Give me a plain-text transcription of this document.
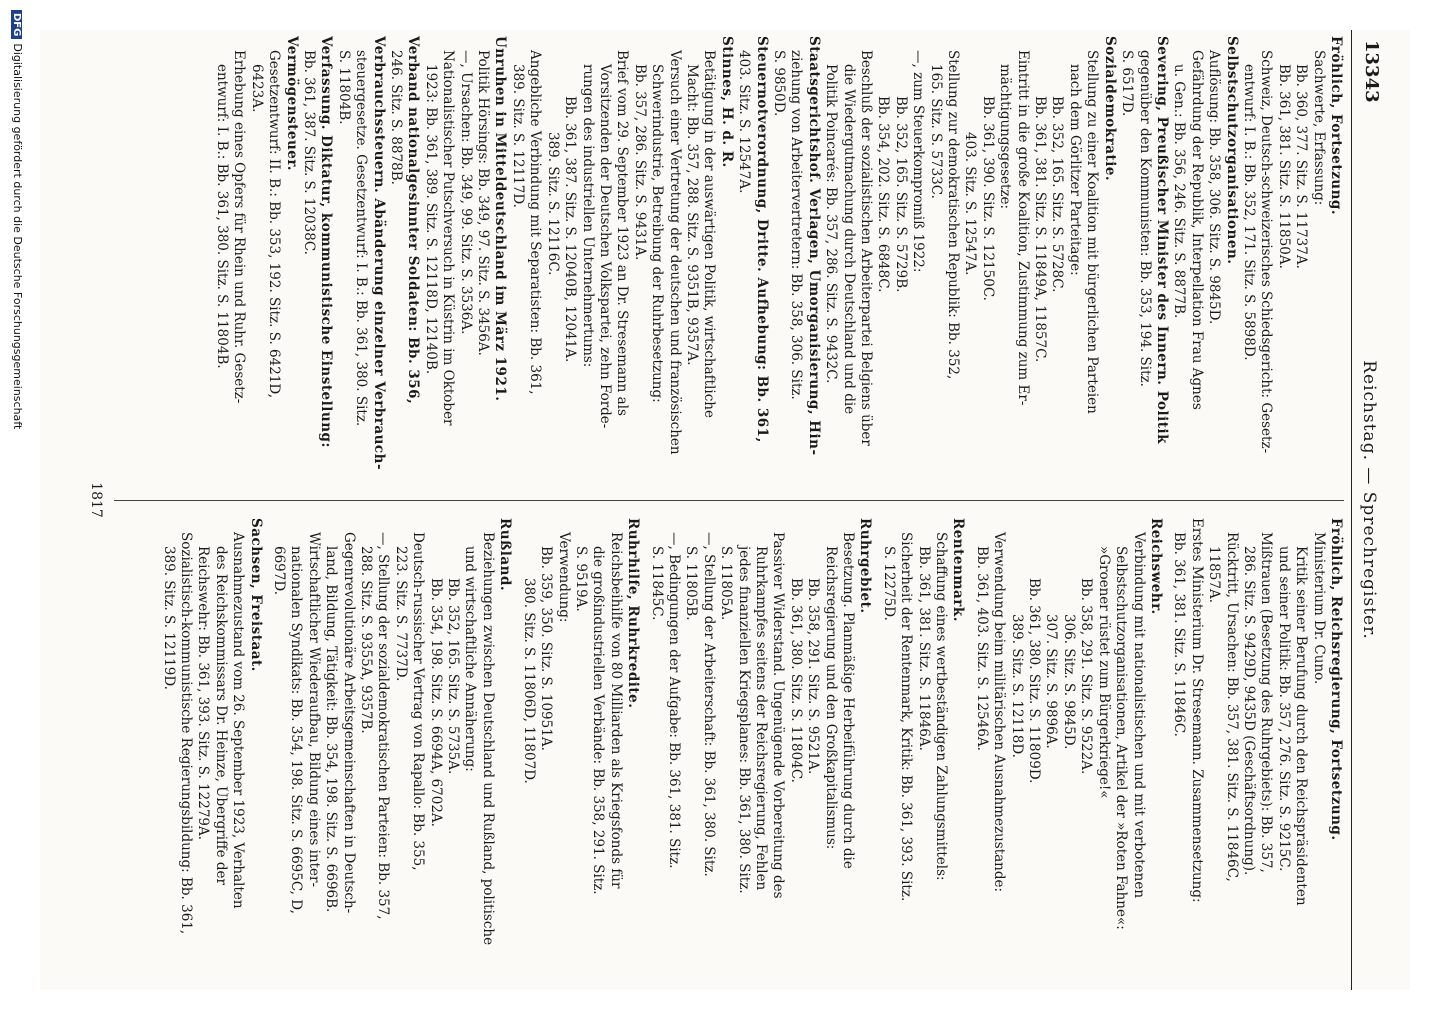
13343
Reichstag. — Sprechregister.
Fröhlich, Reichsregierung, Fortsetzung.
Ministerium Dr. Cuno.
Kritik seiner Berufung durch den Reichspräsidenten
und seiner Politik: Bb. 357, 276. Sitz. S. 9215C.
Mißtrauen (Besetzung des Ruhrgebiets): Bb. 357,
286. Sitz. S. 9429D, 9435D (Geschäftsordnung).
Rücktritt, Ursachen: Bb. 357, 381. Sitz. S. 11846C,
11857A.
Erstes Ministerium Dr. Stresemann. Zusammensetzung:
Bb. 361, 381. Sitz. S. 11846C.
Reichswehr.
Verbindung mit nationalistischen und mit verbotenen
Selbstschutzorganisationen, Artikel der »Roten Fahne«:
»Groener rüstet zum Bürgerkriege!«
Bb. 358, 291. Sitz. S. 9522A.
306. Sitz. S. 9845D.
307. Sitz. S. 9896A.
Bb. 361, 380. Sitz. S. 11809D.
389. Sitz. S. 12118D.
Verwendung beim militärischen Ausnahmezustande:
Bb. 361, 403. Sitz. S. 12546A.
Rentenmark.
Schaffung eines wertbeständigen Zahlungsmittels:
Bb. 361, 381. Sitz. S. 11846A.
Sicherheit der Rentenmark, Kritik: Bb. 361, 393. Sitz.
S. 12275D.
Ruhrgebiet.
Besetzung. Planmäßige Herbeiführung durch die
Reichsregierung und den Großkapitalismus:
Bb. 358, 291. Sitz. S. 9521A.
Bb. 361, 380. Sitz. S. 11804C.
Passiver Widerstand. Ungenügende Vorbereitung des
Ruhrkampfes seitens der Reichsregierung, Fehlen
jedes finanziellen Kriegsplanes: Bb. 361, 380. Sitz.
S. 11805A.
—, Stellung der Arbeiterschaft: Bb. 361, 380. Sitz.
S. 11805B.
—, Bedingungen der Aufgabe: Bb. 361, 381. Sitz.
S. 11845C.
Ruhrhilfe, Ruhrkredite.
Reichsbeihilfe von 80 Milliarden als Kriegsfonds für
die großindustriellen Verbände: Bb. 358, 291. Sitz.
S. 9519A.
Verwendung:
Bb. 359, 350. Sitz. S. 10951A.
380. Sitz. S. 11806D, 11807D.
Rußland.
Beziehungen zwischen Deutschland und Rußland, politische
und wirtschaftliche Annäherung:
Bb. 352, 165. Sitz. S. 5735A.
Bb. 354, 198. Sitz. S. 6694A, 6702A.
Deutsch-russischer Vertrag von Rapallo: Bb. 355,
223. Sitz. S. 7737D.
—, Stellung der sozialdemokratischen Parteien: Bb. 357,
288. Sitz. S. 9355A, 9357B.
Gegenrevolutionäre Arbeitsgemeinschaften in Deutsch-
land, Bildung, Tätigkeit: Bb. 354, 198. Sitz. S. 6696B.
Wirtschaftlicher Wiederaufbau, Bildung eines inter-
nationalen Syndikats: Bb. 354, 198. Sitz. S. 6695C, D,
6697D.
Sachsen, Freistaat.
Ausnahmezustand vom 26. September 1923, Verhalten
des Reichskommissars Dr. Heinze, Übergriffe der
Reichswehr: Bb. 361, 393. Sitz. S. 12279A.
Sozialistisch-kommunistische Regierungsbildung: Bb. 361,
389. Sitz. S. 12119D.
Fröhlich, Fortsetzung.
Sachwerte, Erfassung:
Bb. 360, 377. Sitz. S. 11737A.
Bb. 361, 381. Sitz. S. 11850A.
Schweiz, Deutsch-schweizerisches Schiedsgericht: Gesetz-
entwurf: I. B.: Bb. 352, 171. Sitz. S. 5898D.
Selbstschutzorganisationen.
Auflösung: Bb. 358, 306. Sitz. S. 9845D.
Gefährdung der Republik, Interpellation Frau Agnes
u. Gen.: Bb. 356, 246. Sitz. S. 8877B.
Severing, Preußischer Minister des Innern. Politik
gegenüber den Kommunisten: Bb. 353, 194. Sitz.
S. 6517D.
Sozialdemokratie.
Stellung zu einer Koalition mit bürgerlichen Parteien
nach dem Görlitzer Parteitage:
Bb. 352, 165. Sitz. S. 5728C.
Bb. 361, 381. Sitz. S. 11849A, 11857C.
Eintritt in die große Koalition, Zustimmung zum Er-
mächtigungsgesetze:
Bb. 361, 390. Sitz. S. 12150C.
403. Sitz. S. 12547A.
Stellung zur demokratischen Republik: Bb. 352,
165. Sitz. S. 5733C.
—, zum Steuerkompromiß 1922:
Bb. 352, 165. Sitz. S. 5729B.
Bb. 354, 202. Sitz. S. 6848C.
Beschluß der sozialistischen Arbeiterpartei Belgiens über
die Wiedergutmachung durch Deutschland und die
Politik Poincarés: Bb. 357, 286. Sitz. S. 9432C.
Staatsgerichtshof. Verlagen, Umorganisierung, Hin-
ziehung von Arbeitervertretern: Bb. 358, 306. Sitz.
S. 9850D.
Steuernotverordnung, Dritte. Aufhebung: Bb. 361,
403. Sitz. S. 12547A.
Stinnes, H. d. R.
Betätigung in der auswärtigen Politik, wirtschaftliche
Macht: Bb. 357, 288. Sitz. S. 9351B, 9357A.
Versuch einer Vertretung der deutschen und französischen
Schwerindustrie, Betreibung der Ruhrbesetzung:
Bb. 357, 286. Sitz. S. 9431A.
Brief vom 29. September 1923 an Dr. Stresemann als
Vorsitzenden der Deutschen Volkspartei, zehn Forde-
rungen des industriellen Unternehmertums:
Bb. 361, 387. Sitz. S. 12040B, 12041A.
389. Sitz. S. 12116C.
Angebliche Verbindung mit Separatisten: Bb. 361,
389. Sitz. S. 12117D.
Unruhen in Mitteldeutschland im März 1921.
Politik Hörsings: Bb. 349, 97. Sitz. S. 3456A.
—, Ursachen: Bb. 349, 99. Sitz. S. 3536A.
Nationalistischer Putschversuch in Küstrin im Oktober
1923: Bb. 361, 389. Sitz. S. 12118D, 12140B.
Verband nationalgesinnter Soldaten: Bb. 356,
246. Sitz. S. 8878B.
Verbrauchssteuern. Abänderung einzelner Verbrauch-
steuergesetze. Gesetzentwurf: I. B.: Bb. 361, 380. Sitz.
S. 11804B.
Verfassung. Diktatur, kommunistische Einstellung:
Bb. 361, 387. Sitz. S. 12038C.
Vermögensteuer.
Gesetzentwurf: II. B.: Bb. 353, 192. Sitz. S. 6421D,
6423A.
Erhebung eines Opfers für Rhein und Ruhr. Gesetz-
entwurf: I. B.: Bb. 361, 380. Sitz. S. 11804B.
1817
DFGDigitalisierung gefördert durch die Deutsche Forschungsgemeinschaft
